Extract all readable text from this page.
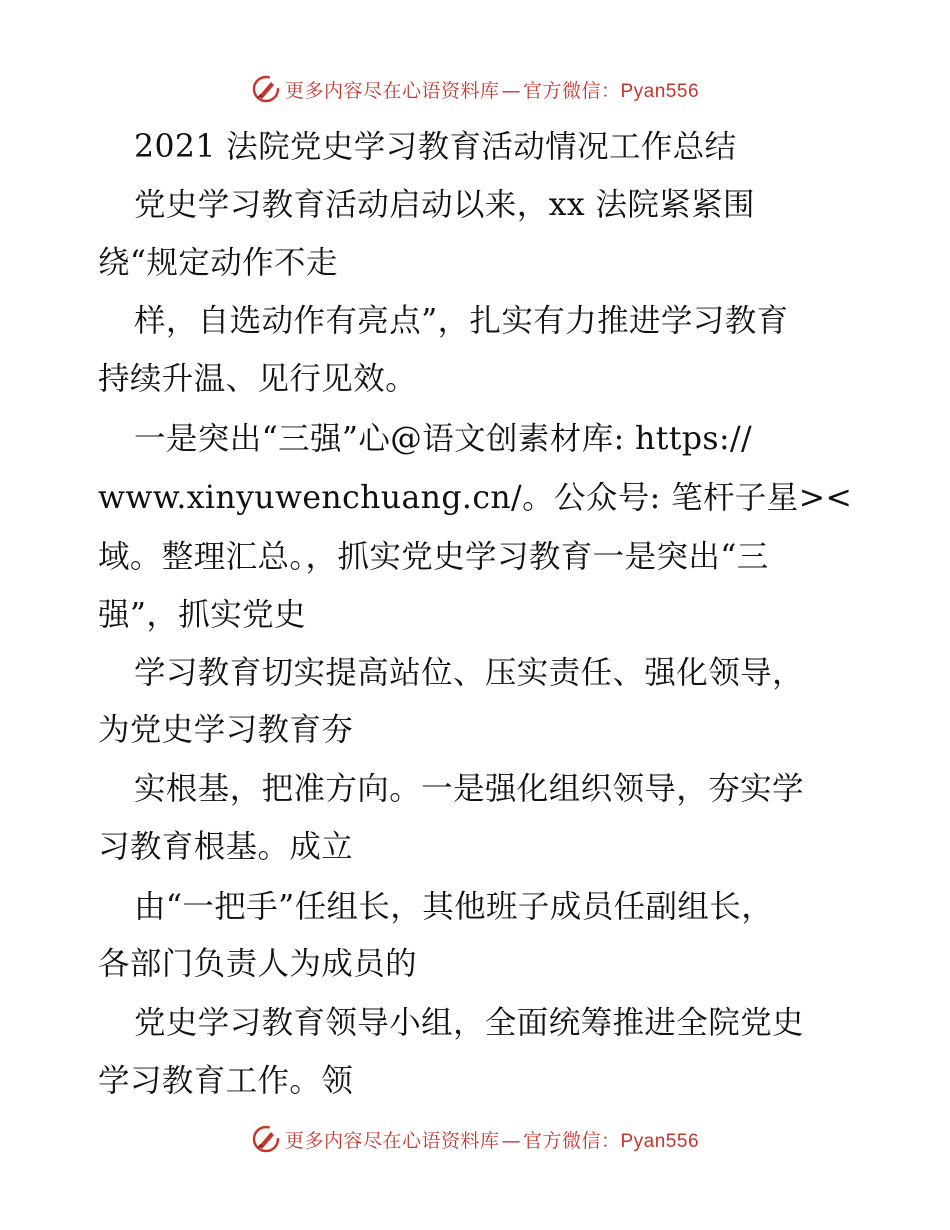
更多内容尽在心语资料库 — 官方微信：Pyan556
2021 法院党史学习教育活动情况工作总结
党史学习教育活动启动以来，xx 法院紧紧围
绕“规定动作不走
样，自选动作有亮点”，扎实有力推进学习教育
持续升温、见行见效。
一是突出“三强”心@语文创素材库: https://
www.xinyuwenchuang.cn/。公众号: 笔杆子星><
域。整理汇总。，抓实党史学习教育一是突出“三
强”，抓实党史
学习教育切实提高站位、压实责任、强化领导，
为党史学习教育夯
实根基，把准方向。一是强化组织领导，夯实学
习教育根基。成立
由“一把手”任组长，其他班子成员任副组长，
各部门负责人为成员的
党史学习教育领导小组，全面统筹推进全院党史
学习教育工作。领
更多内容尽在心语资料库 — 官方微信：Pyan556
